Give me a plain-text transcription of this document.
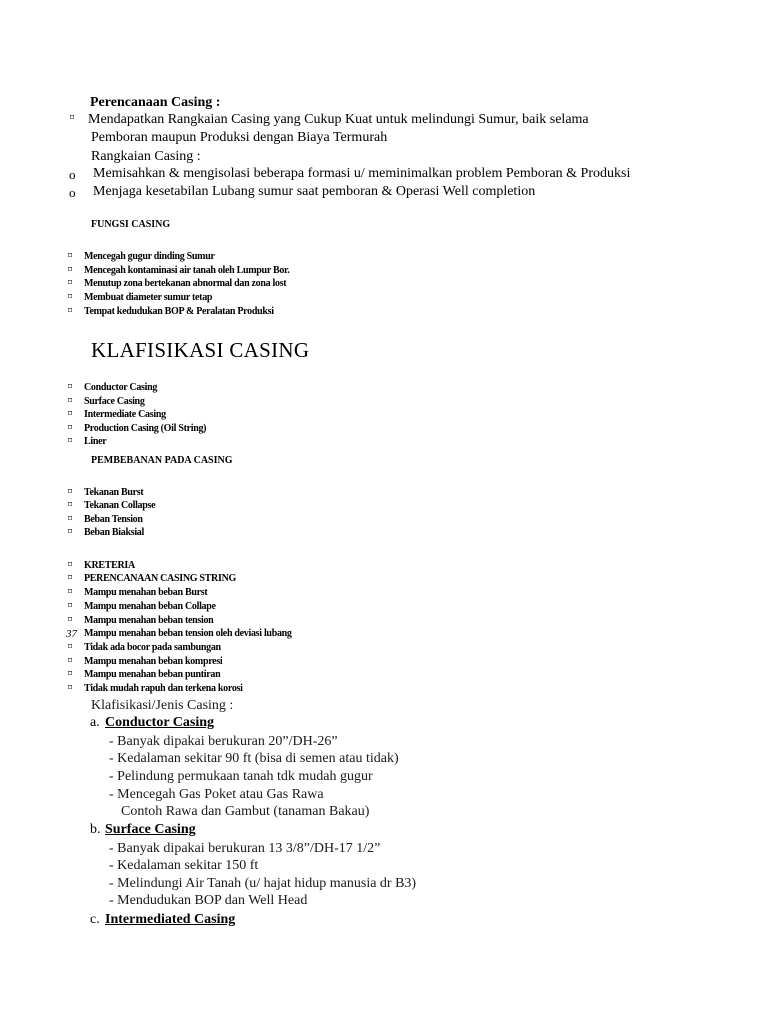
Perencanaan Casing :
⌑ Mendapatkan Rangkaian Casing yang Cukup Kuat untuk melindungi Sumur, baik selama
Pemboran maupun Produksi dengan Biaya Termurah
Rangkaian Casing :
o Memisahkan & mengisolasi beberapa formasi u/ meminimalkan problem Pemboran & Produksi
o Menjaga kesetabilan Lubang sumur saat pemboran & Operasi Well completion
FUNGSI CASING
⌑ Mencegah gugur dinding Sumur
⌑ Mencegah kontaminasi air tanah oleh Lumpur Bor.
⌑ Menutup zona bertekanan abnormal dan zona lost
⌑ Membuat diameter sumur tetap
⌑ Tempat kedudukan BOP & Peralatan Produksi
KLAFISIKASI CASING
⌑ Conductor Casing
⌑ Surface Casing
⌑ Intermediate Casing
⌑ Production Casing (Oil String)
⌑ Liner
PEMBEBANAN PADA CASING
⌑ Tekanan Burst
⌑ Tekanan Collapse
⌑ Beban Tension
⌑ Beban Biaksial
⌑ KRETERIA
⌑ PERENCANAAN CASING STRING
⌑ Mampu menahan beban Burst
⌑ Mampu menahan beban Collape
⌑ Mampu menahan beban tension
37 Mampu menahan beban tension oleh deviasi lubang
⌑ Tidak ada bocor pada sambungan
⌑ Mampu menahan beban kompresi
⌑ Mampu menahan beban puntiran
⌑ Tidak mudah rapuh dan terkena korosi
Klafisikasi/Jenis Casing :
a. Conductor Casing
- Banyak dipakai berukuran 20”/DH-26”
- Kedalaman sekitar 90 ft (bisa di semen atau tidak)
- Pelindung permukaan tanah tdk mudah gugur
- Mencegah Gas Poket atau Gas Rawa
Contoh Rawa dan Gambut (tanaman Bakau)
b. Surface Casing
- Banyak dipakai berukuran 13 3/8”/DH-17 1/2”
- Kedalaman sekitar 150 ft
- Melindungi Air Tanah (u/ hajat hidup manusia dr B3)
- Mendudukan BOP dan Well Head
c. Intermediated Casing
